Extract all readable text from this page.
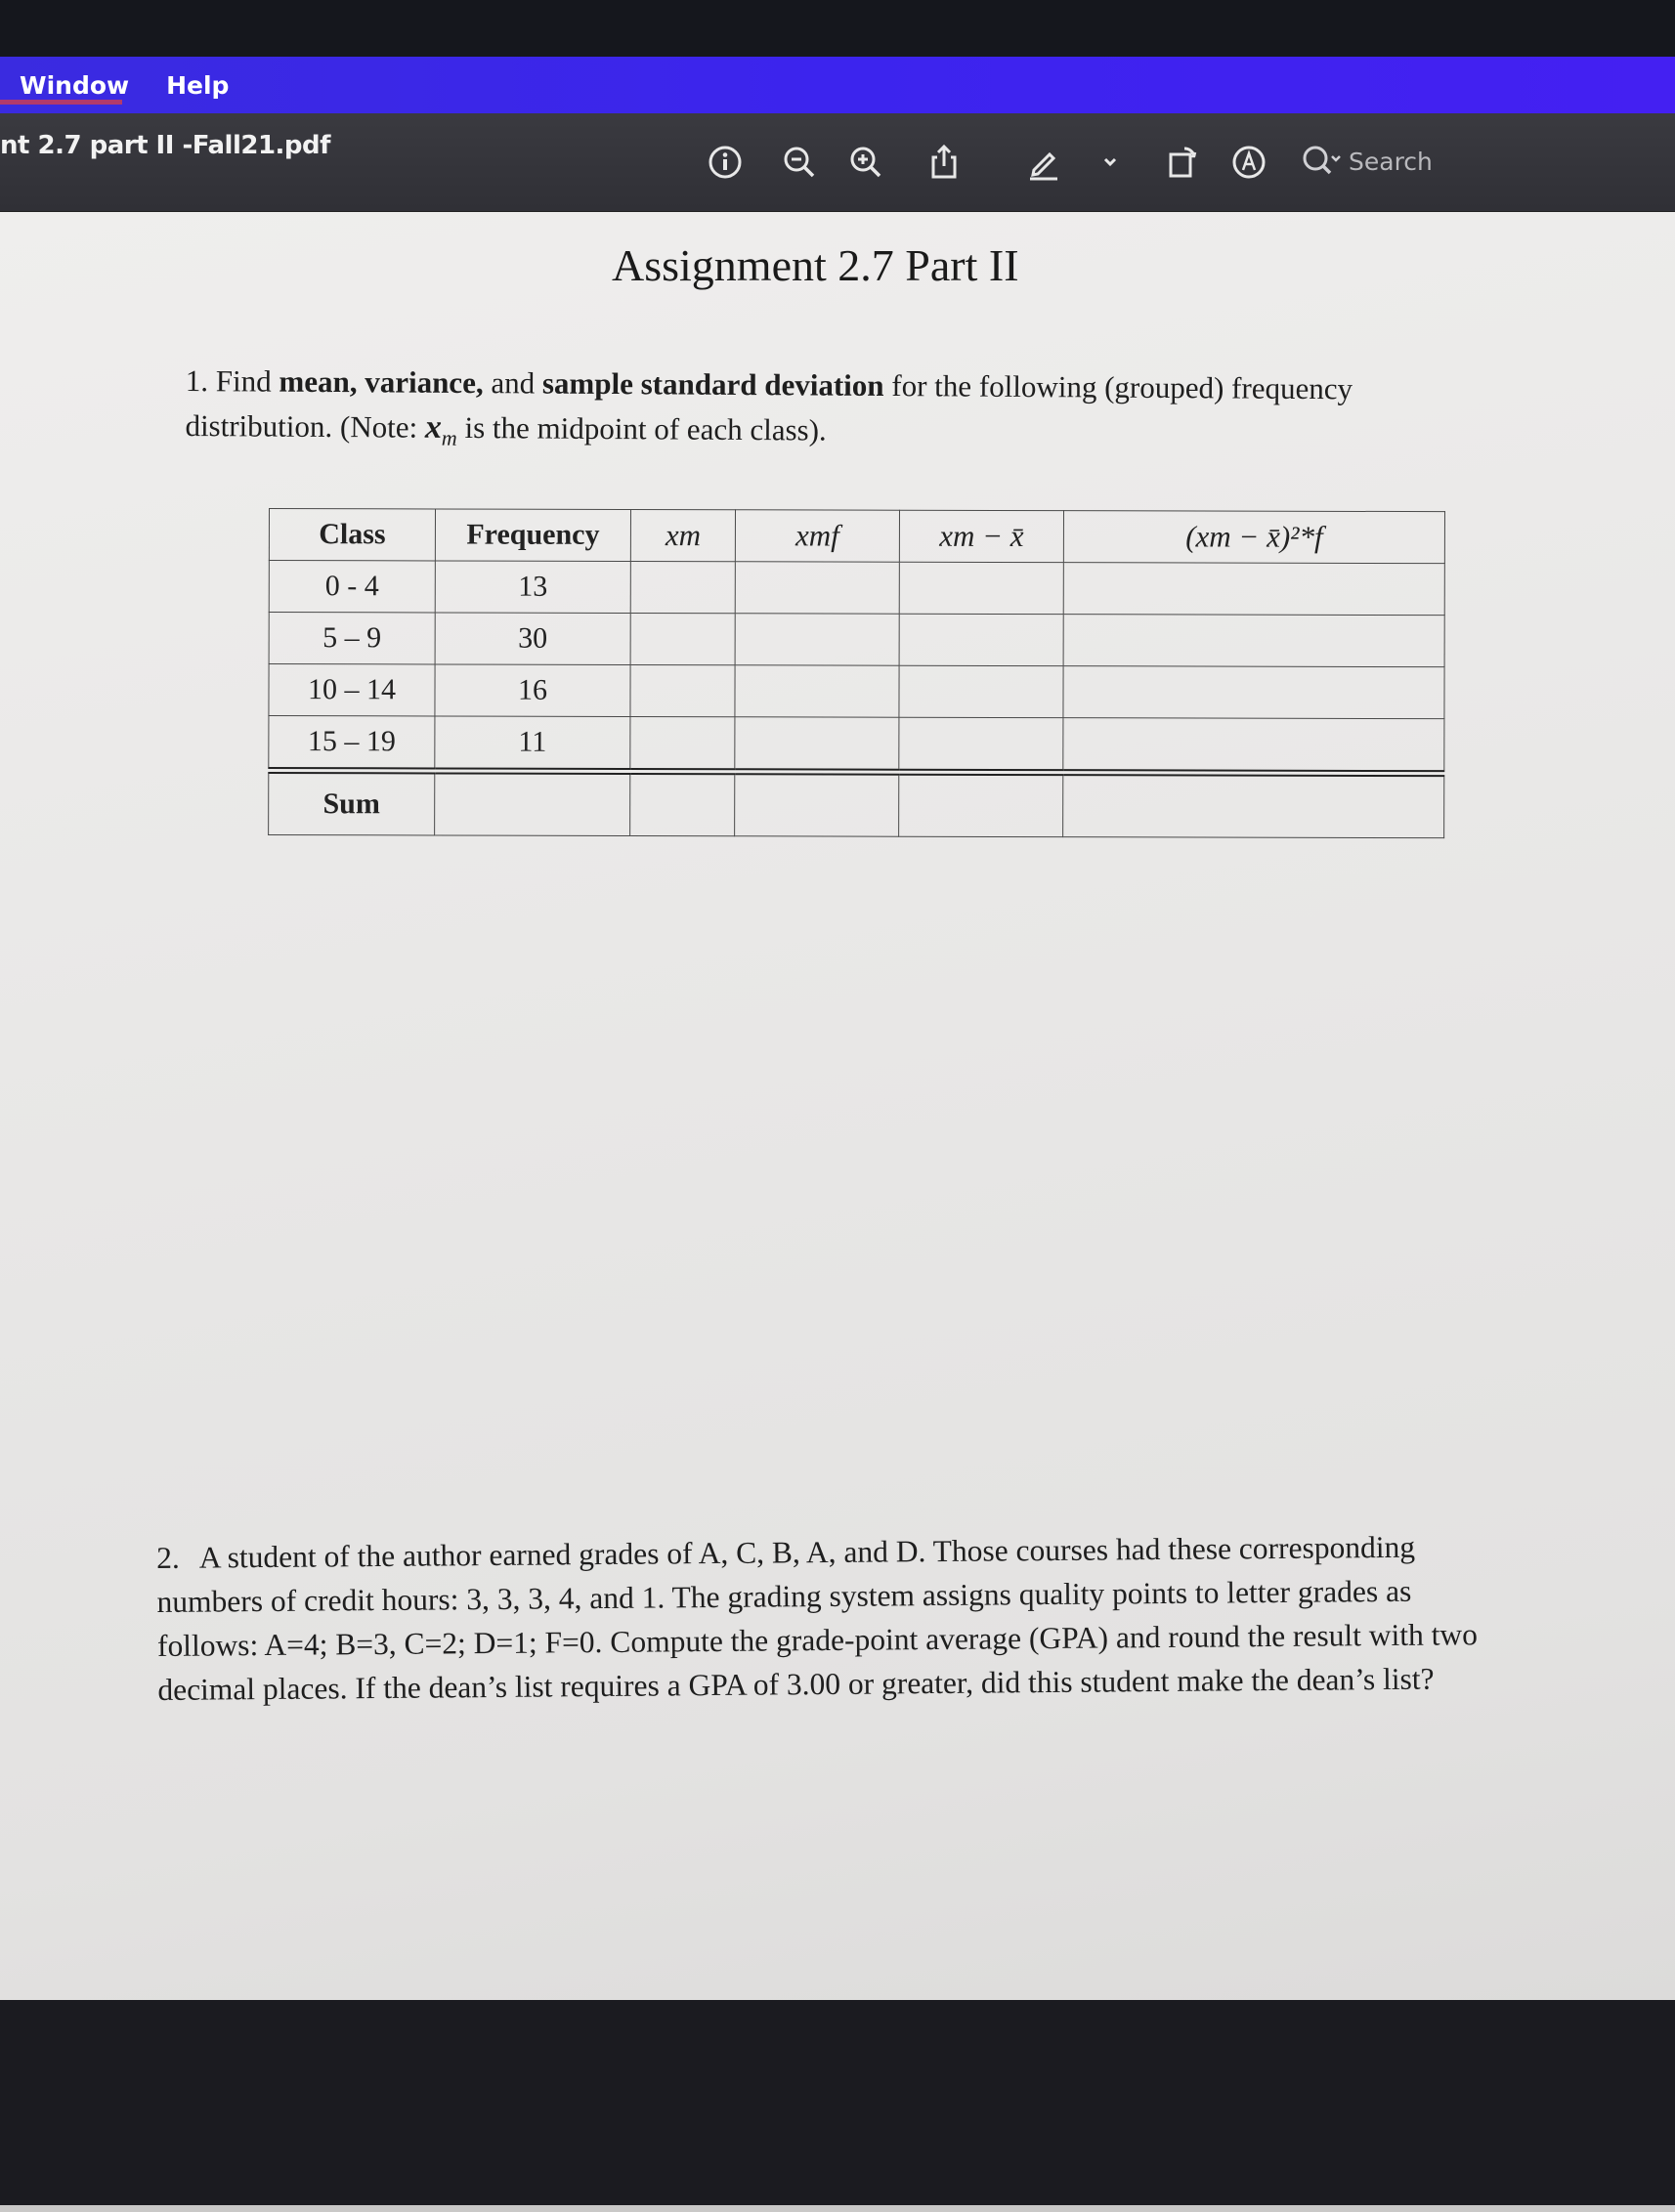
Window Help
nt 2.7 part II -Fall21.pdf
Search
Assignment 2.7 Part II
1. Find mean, variance, and sample standard deviation for the following (grouped) frequency distribution. (Note: $x_m$ is the midpoint of each class).
Class	Frequency	xm	xmf	xm − x̄	(xm − x̄)²*f
0 - 4	13				
5 – 9	30				
10 – 14	16				
15 – 19	11				
Sum					
2. A student of the author earned grades of A, C, B, A, and D. Those courses had these corresponding numbers of credit hours: 3, 3, 3, 4, and 1. The grading system assigns quality points to letter grades as follows: A=4; B=3, C=2; D=1; F=0. Compute the grade-point average (GPA) and round the result with two decimal places. If the dean’s list requires a GPA of 3.00 or greater, did this student make the dean’s list?
